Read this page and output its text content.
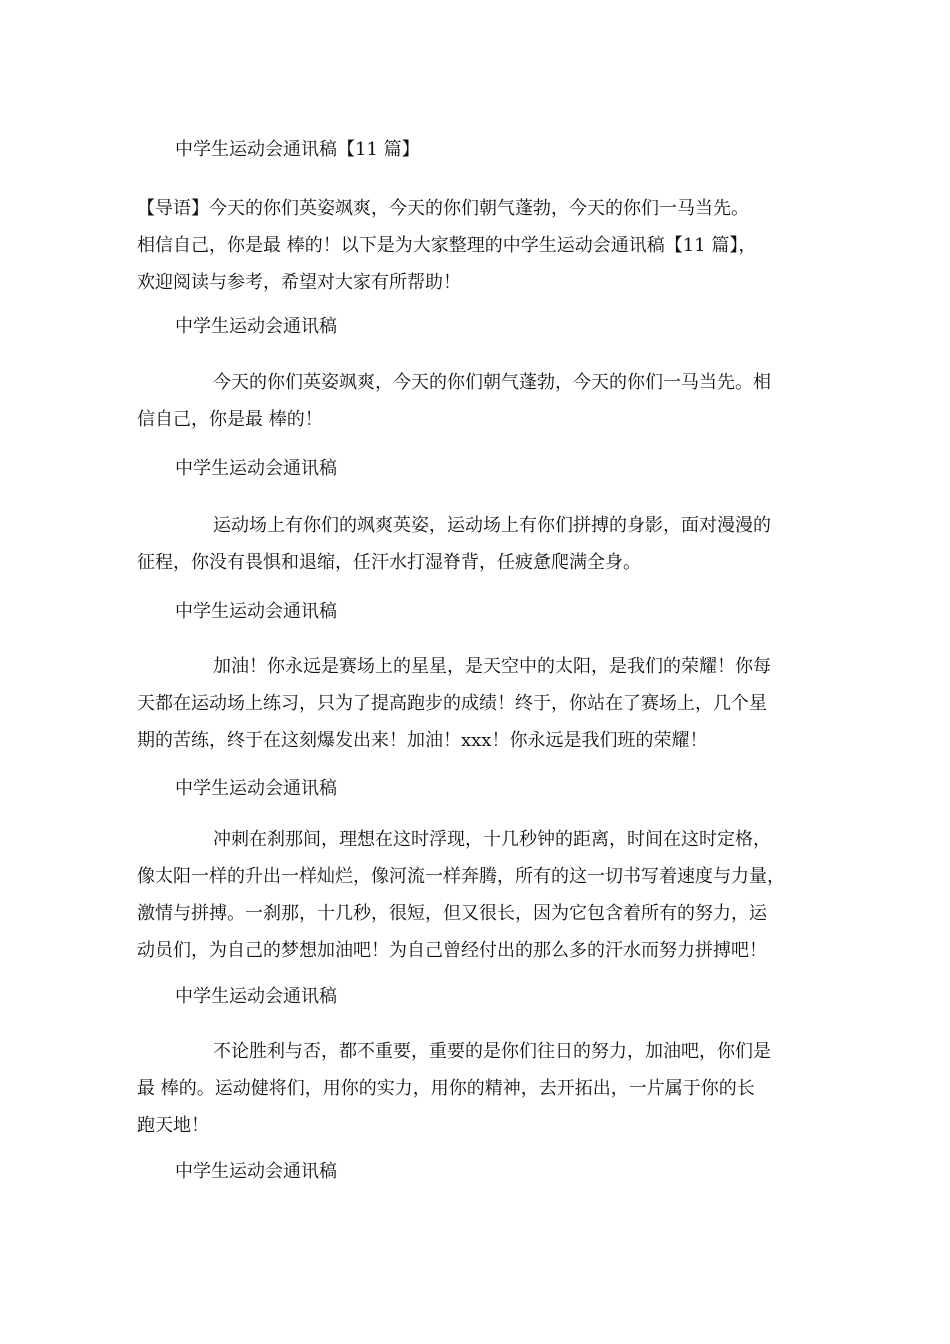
中学生运动会通讯稿【11 篇】
【导语】今天的你们英姿飒爽，今天的你们朝气蓬勃，今天的你们一马当先。
相信自己，你是最 棒的！以下是为大家整理的中学生运动会通讯稿【11 篇】，
欢迎阅读与参考，希望对大家有所帮助！
中学生运动会通讯稿
今天的你们英姿飒爽，今天的你们朝气蓬勃，今天的你们一马当先。相
信自己，你是最 棒的！
中学生运动会通讯稿
运动场上有你们的飒爽英姿，运动场上有你们拼搏的身影，面对漫漫的
征程，你没有畏惧和退缩，任汗水打湿脊背，任疲惫爬满全身。
中学生运动会通讯稿
加油！你永远是赛场上的星星，是天空中的太阳，是我们的荣耀！你每
天都在运动场上练习，只为了提高跑步的成绩！终于，你站在了赛场上，几个星
期的苦练，终于在这刻爆发出来！加油！xxx！你永远是我们班的荣耀！
中学生运动会通讯稿
冲刺在刹那间，理想在这时浮现，十几秒钟的距离，时间在这时定格，
像太阳一样的升出一样灿烂，像河流一样奔腾，所有的这一切书写着速度与力量，
激情与拼搏。一刹那，十几秒，很短，但又很长，因为它包含着所有的努力，运
动员们，为自己的梦想加油吧！为自己曾经付出的那么多的汗水而努力拼搏吧！
中学生运动会通讯稿
不论胜利与否，都不重要，重要的是你们往日的努力，加油吧，你们是
最 棒的。运动健将们，用你的实力，用你的精神，去开拓出，一片属于你的长
跑天地！
中学生运动会通讯稿
